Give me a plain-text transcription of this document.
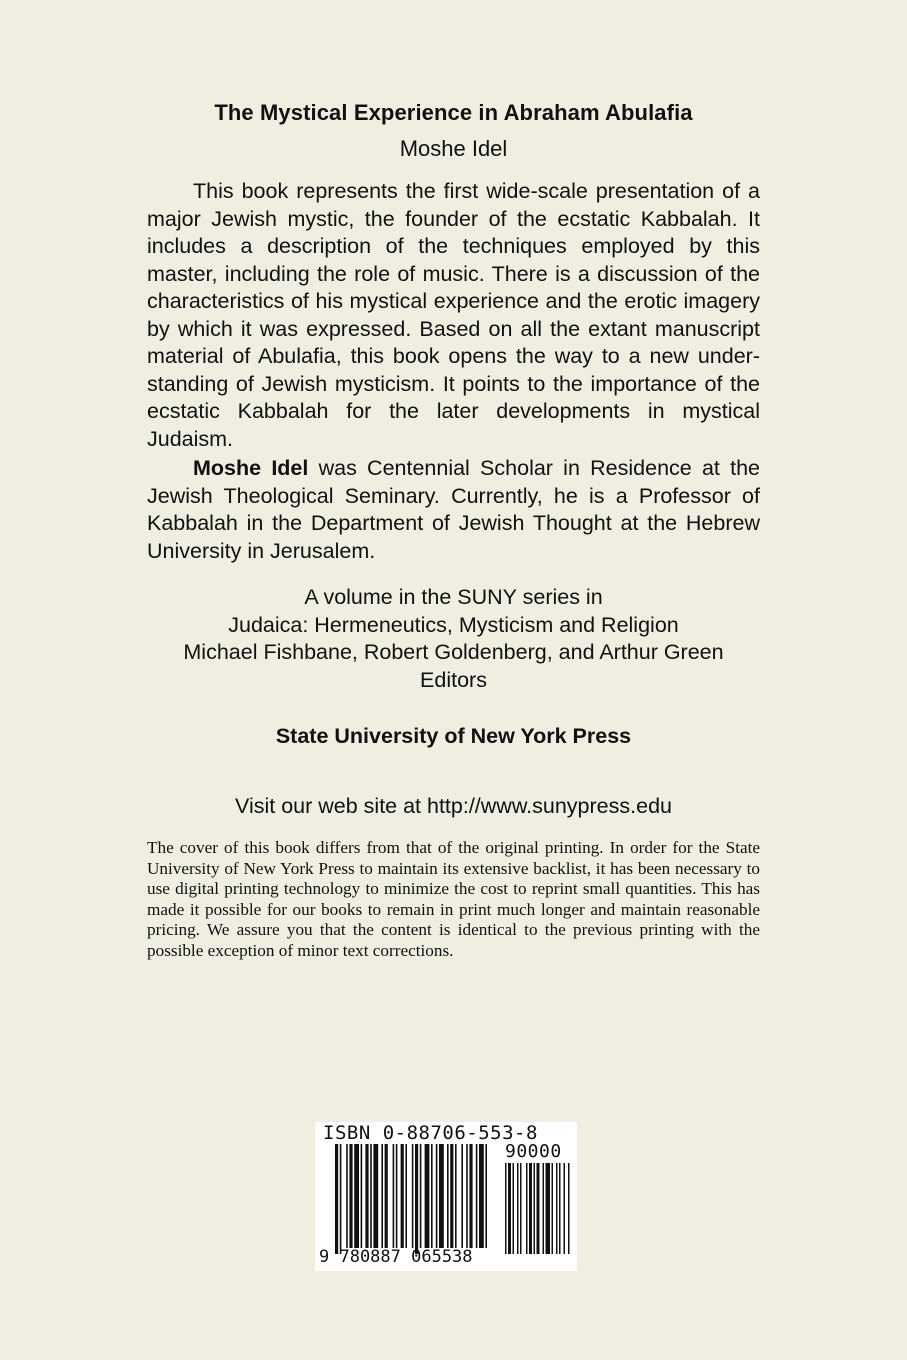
The Mystical Experience in Abraham Abulafia
Moshe Idel

This book represents the first wide-scale presentation of a major Jewish mystic, the founder of the ecstatic Kabbalah. It includes a description of the techniques employed by this master, including the role of music. There is a discussion of the characteristics of his mystical experience and the erotic imagery by which it was expressed. Based on all the extant manuscript material of Abulafia, this book opens the way to a new understanding of Jewish mysticism. It points to the importance of the ecstatic Kabbalah for the later developments in mystical Judaism.

Moshe Idel was Centennial Scholar in Residence at the Jewish Theological Seminary. Currently, he is a Professor of Kabbalah in the Department of Jewish Thought at the Hebrew University in Jerusalem.

A volume in the SUNY series in
Judaica: Hermeneutics, Mysticism and Religion
Michael Fishbane, Robert Goldenberg, and Arthur Green
Editors
State University of New York Press
Visit our web site at http://www.sunypress.edu

The cover of this book differs from that of the original printing. In order for the State University of New York Press to maintain its extensive backlist, it has been necessary to use digital printing technology to minimize the cost to reprint small quantities. This has made it possible for our books to remain in print much longer and maintain reasonable pricing. We assure you that the content is identical to the previous printing with the possible exception of minor text corrections.

ISBN 0-88706-553-8
90000
9 780887 065538
